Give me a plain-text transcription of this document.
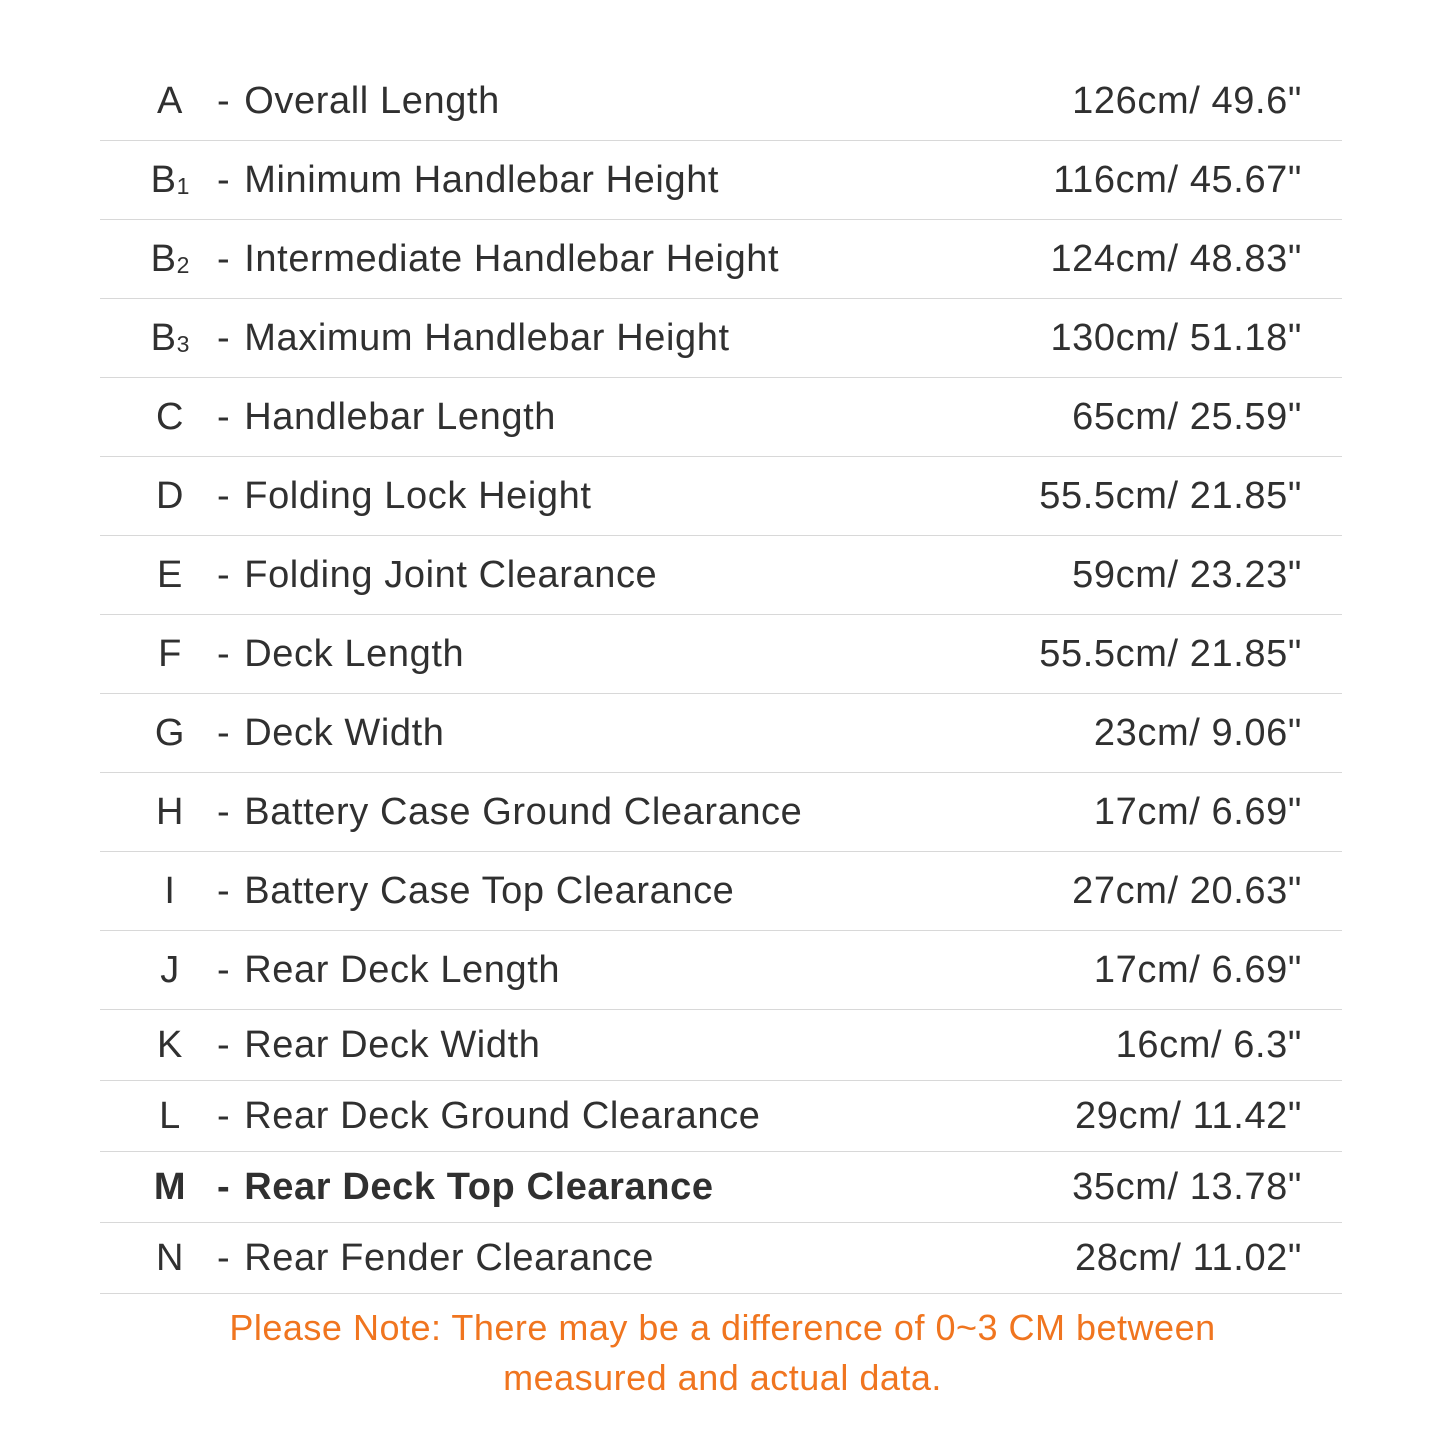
A - Overall Length	126cm/ 49.6"
B 1 - Minimum Handlebar Height	116cm/ 45.67"
B 2 - Intermediate Handlebar Height	124cm/ 48.83"
B 3 - Maximum Handlebar Height	130cm/ 51.18"
C - Handlebar Length	65cm/ 25.59"
D - Folding Lock Height	55.5cm/ 21.85"
E - Folding Joint Clearance	59cm/ 23.23"
F - Deck Length	55.5cm/ 21.85"
G - Deck Width	23cm/ 9.06"
H - Battery Case Ground Clearance	17cm/ 6.69"
I - Battery Case Top Clearance	27cm/ 20.63"
J - Rear Deck Length	17cm/ 6.69"
K - Rear Deck Width	16cm/ 6.3"
L - Rear Deck Ground Clearance	29cm/ 11.42"
M - Rear Deck Top Clearance	35cm/ 13.78"
N - Rear Fender Clearance	28cm/ 11.02"
Please Note: There may be a difference of 0~3 CM between measured and actual data.
